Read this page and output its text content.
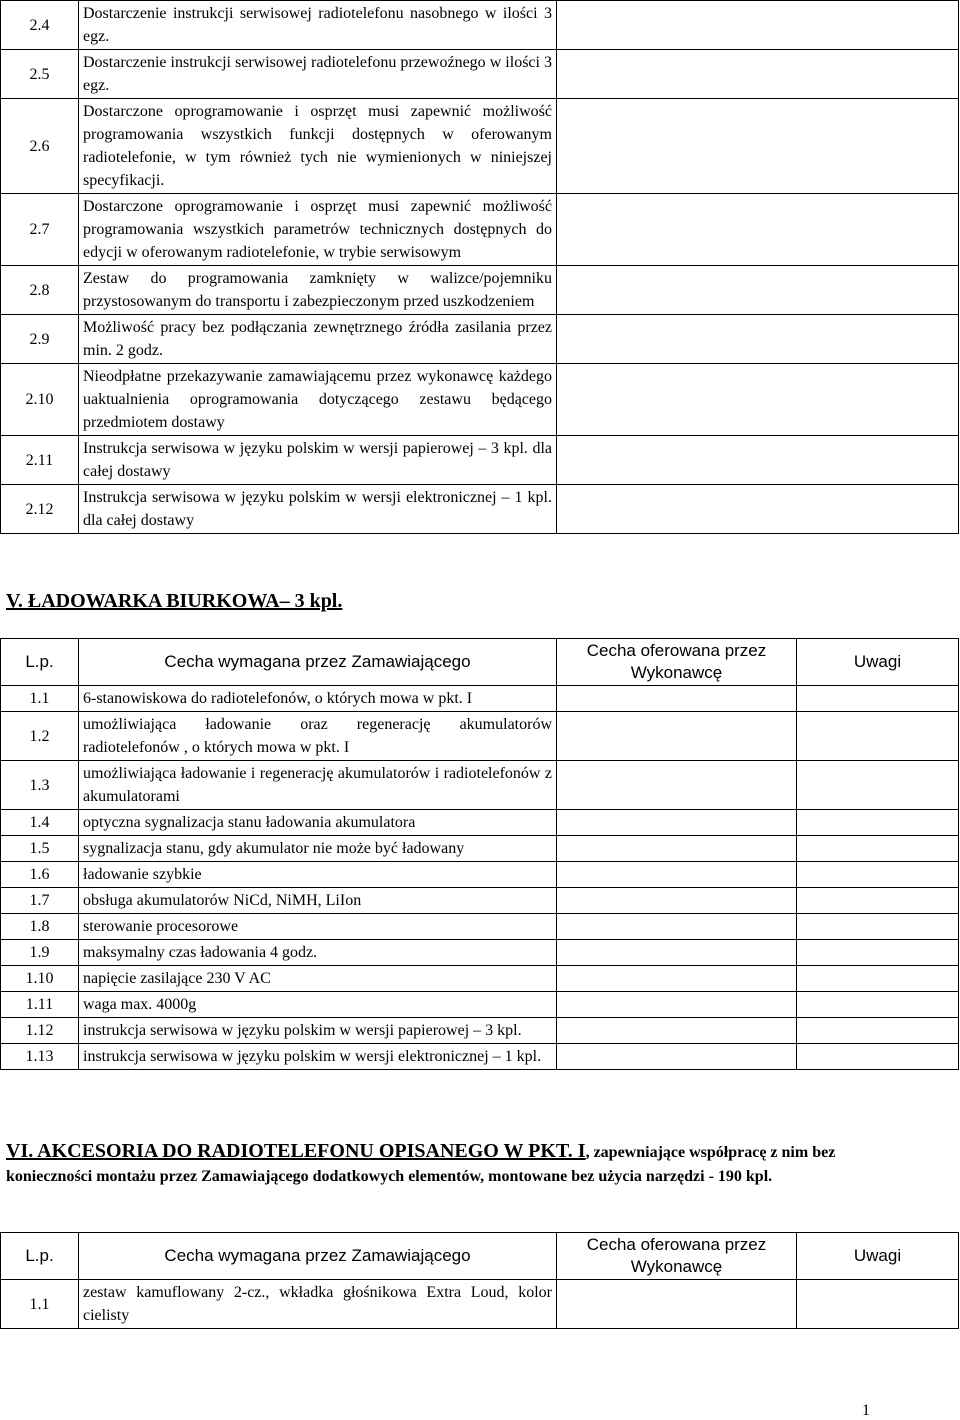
2.4	Dostarczenie instrukcji serwisowej radiotelefonu nasobnego w ilości 3 egz.	
2.5	Dostarczenie instrukcji serwisowej radiotelefonu przewoźnego w ilości 3 egz.	
2.6	Dostarczone oprogramowanie i osprzęt musi zapewnić możliwość programowania wszystkich funkcji dostępnych w oferowanym radiotelefonie, w tym również tych nie wymienionych w niniejszej specyfikacji.	
2.7	Dostarczone oprogramowanie i osprzęt musi zapewnić możliwość programowania wszystkich parametrów technicznych dostępnych do edycji w oferowanym radiotelefonie, w trybie serwisowym	
2.8	Zestaw do programowania zamknięty w walizce/pojemniku przystosowanym do transportu i zabezpieczonym przed uszkodzeniem	
2.9	Możliwość pracy bez podłączania zewnętrznego źródła zasilania przez min. 2 godz.	
2.10	Nieodpłatne przekazywanie zamawiającemu przez wykonawcę każdego uaktualnienia oprogramowania dotyczącego zestawu będącego przedmiotem dostawy	
2.11	Instrukcja serwisowa w języku polskim w wersji papierowej – 3 kpl. dla całej dostawy	
2.12	Instrukcja serwisowa w języku polskim w wersji elektronicznej – 1 kpl. dla całej dostawy	
V. ŁADOWARKA BIURKOWA– 3 kpl.
L.p.	Cecha wymagana przez Zamawiającego	Cecha oferowana przez Wykonawcę	Uwagi
1.1	6-stanowiskowa do radiotelefonów, o których mowa w pkt. I		
1.2	umożliwiająca ładowanie oraz regenerację akumulatorów radiotelefonów , o których mowa w pkt. I		
1.3	umożliwiająca ładowanie i regenerację akumulatorów i radiotelefonów z akumulatorami		
1.4	optyczna sygnalizacja stanu ładowania akumulatora		
1.5	sygnalizacja stanu, gdy akumulator nie może być ładowany		
1.6	ładowanie szybkie		
1.7	obsługa akumulatorów NiCd, NiMH, LiIon		
1.8	sterowanie procesorowe		
1.9	maksymalny czas ładowania 4 godz.		
1.10	napięcie zasilające 230 V AC		
1.11	waga max. 4000g		
1.12	instrukcja serwisowa w języku polskim w wersji papierowej – 3 kpl.		
1.13	instrukcja serwisowa w języku polskim w wersji elektronicznej – 1 kpl.		
VI. AKCESORIA DO RADIOTELEFONU OPISANEGO W PKT. I, zapewniające współpracę z nim bez konieczności montażu przez Zamawiającego dodatkowych elementów, montowane bez użycia narzędzi - 190 kpl.
L.p.	Cecha wymagana przez Zamawiającego	Cecha oferowana przez Wykonawcę	Uwagi
1.1	zestaw kamuflowany 2-cz., wkładka głośnikowa Extra Loud, kolor cielisty		
1
